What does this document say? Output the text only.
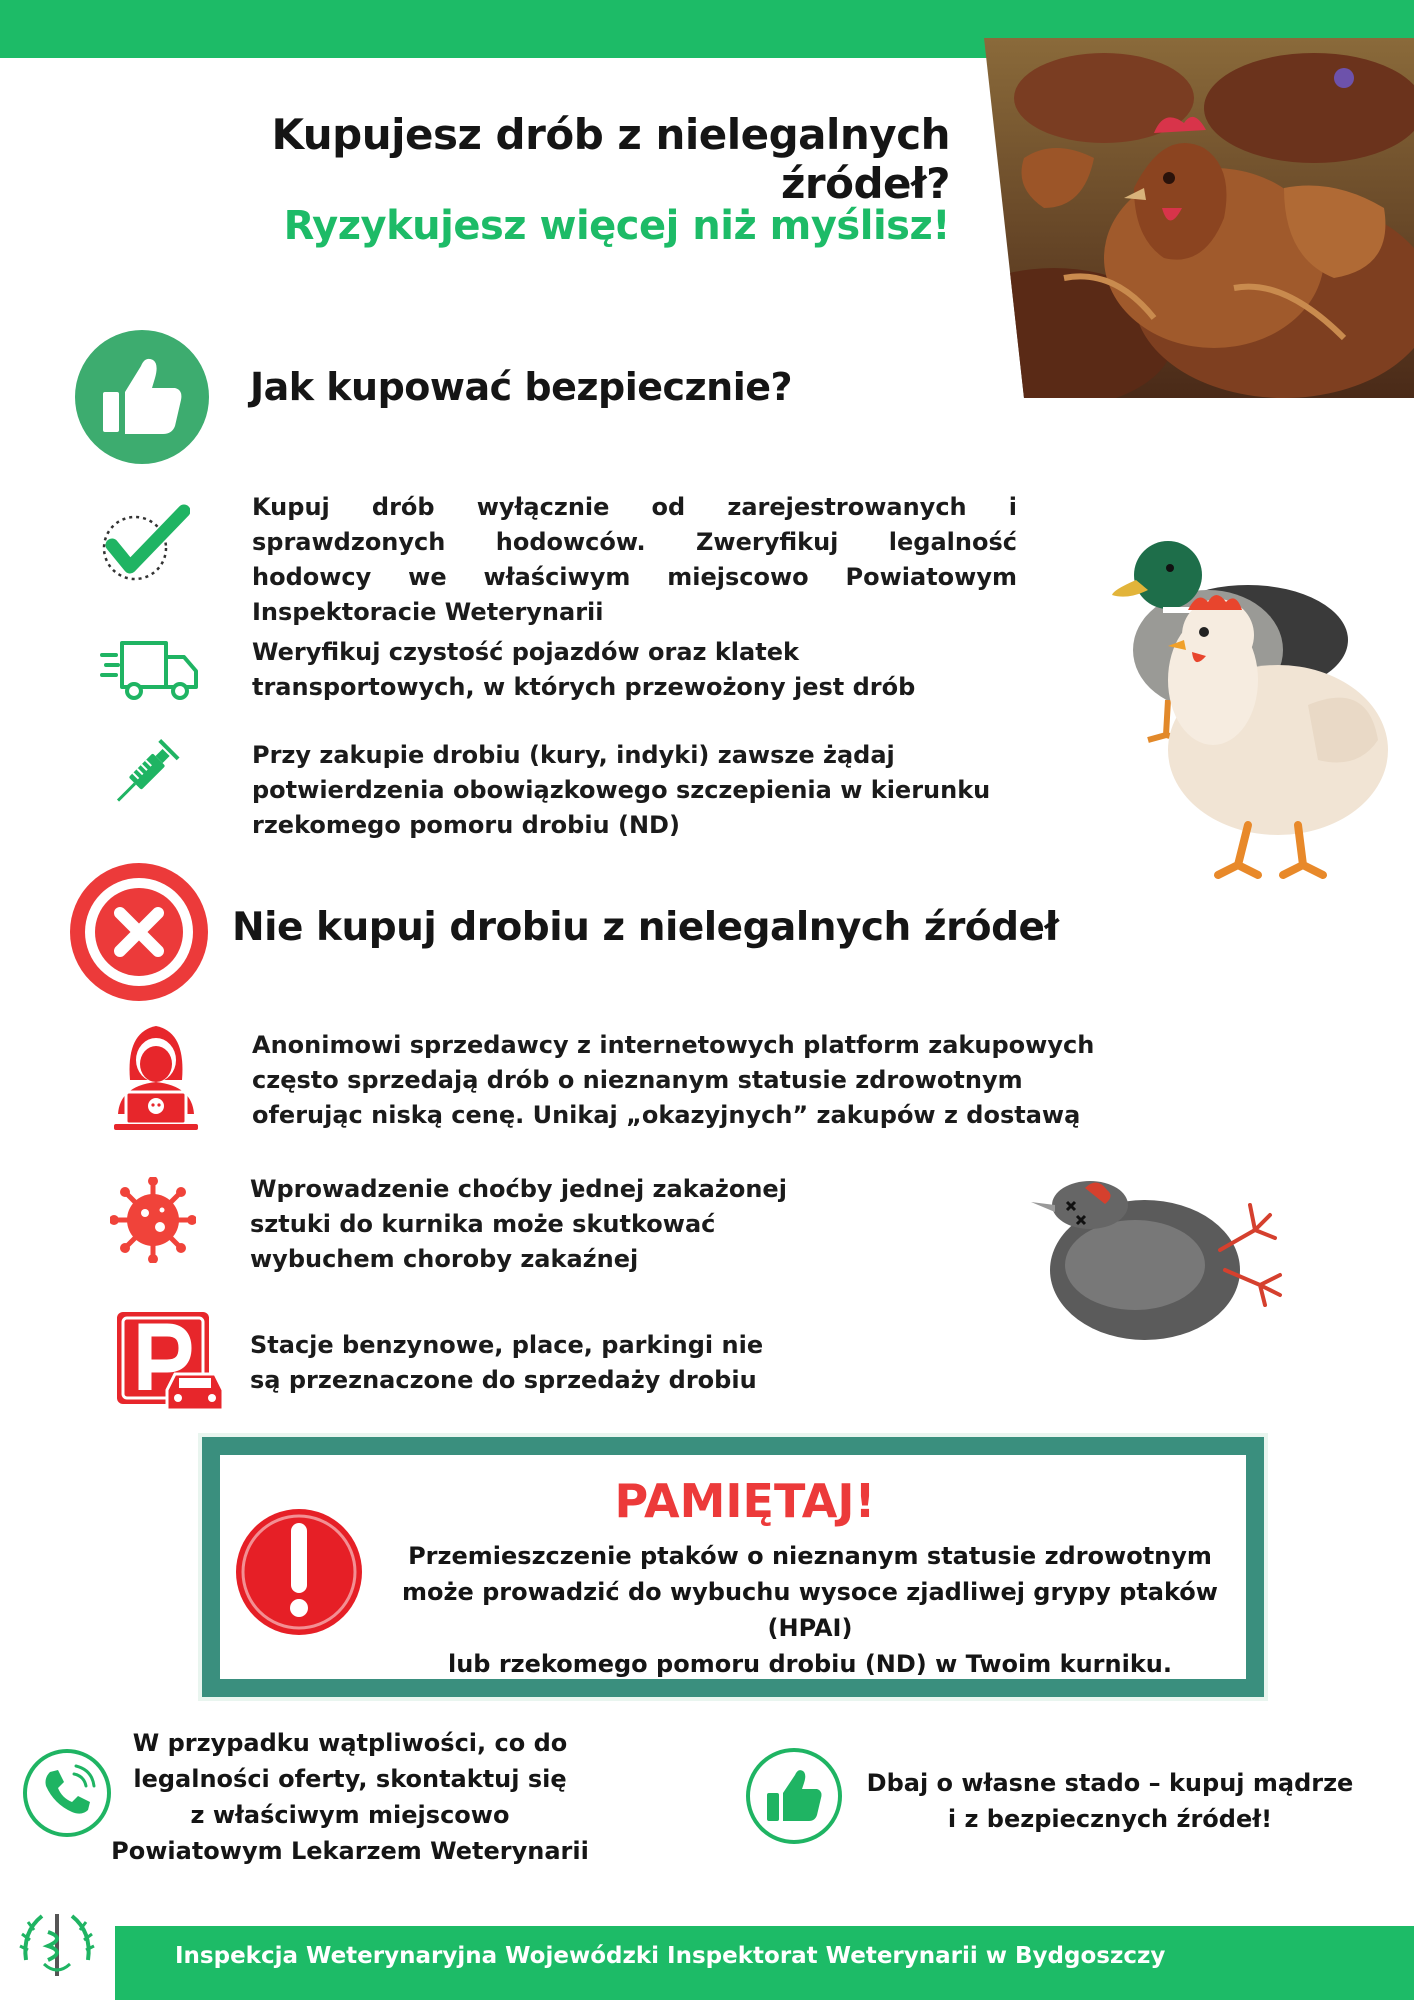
Kupujesz drób z nielegalnych źródeł?
Ryzykujesz więcej niż myślisz!
Jak kupować bezpiecznie?
Kupuj drób wyłącznie od zarejestrowanych i sprawdzonych hodowców. Zweryfikuj legalność hodowcy we właściwym miejscowo Powiatowym Inspektoracie Weterynarii
Weryfikuj czystość pojazdów oraz klatek transportowych, w których przewożony jest drób
Przy zakupie drobiu (kury, indyki) zawsze żądaj potwierdzenia obowiązkowego szczepienia w kierunku rzekomego pomoru drobiu (ND)
Nie kupuj drobiu z nielegalnych źródeł
Anonimowi sprzedawcy z internetowych platform zakupowych często sprzedają drób o nieznanym statusie zdrowotnym oferując niską cenę. Unikaj „okazyjnych” zakupów z dostawą
Wprowadzenie choćby jednej zakażonej sztuki do kurnika może skutkować wybuchem choroby zakaźnej
Stacje benzynowe, place, parkingi nie są przeznaczone do sprzedaży drobiu
PAMIĘTAJ!
Przemieszczenie ptaków o nieznanym statusie zdrowotnym
może prowadzić do wybuchu wysoce zjadliwej grypy ptaków (HPAI)
lub rzekomego pomoru drobiu (ND) w Twoim kurniku.
W przypadku wątpliwości, co do
legalności oferty, skontaktuj się
z właściwym miejscowo
Powiatowym Lekarzem Weterynarii
Dbaj o własne stado – kupuj mądrze
i z bezpiecznych źródeł!
Inspekcja Weterynaryjna Wojewódzki Inspektorat Weterynarii w Bydgoszczy
